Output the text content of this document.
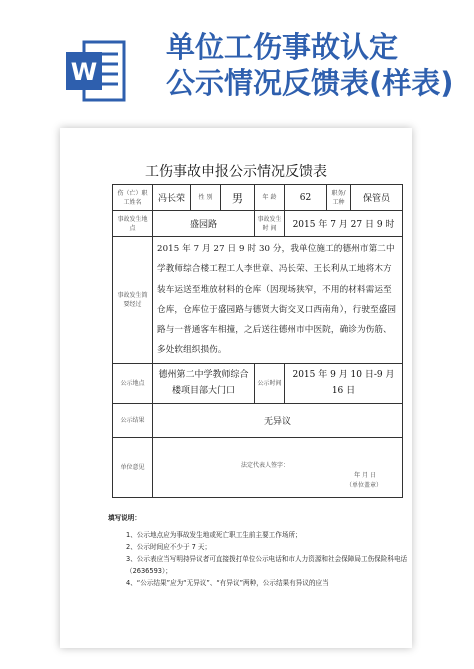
W
单位工伤事故认定
公示情况反馈表(样表)
工伤事故申报公示情况反馈表
伤（亡）职工姓名	冯长荣	性 别	男	年 龄	62	职务/工种	保管员
事故发生地 点	盛园路			事故发生时 间	2015 年 7 月 27 日 9 时		
事故发生简要经过	2015 年 7 月 27 日 9 时 30 分，我单位施工的德州市第二中学教师综合楼工程工人李世章、冯长荣、王长利从工地将木方装车运送至堆放材料的仓库（因现场狭窄，不用的材料需运至仓库，仓库位于盛园路与德贤大街交叉口西南角），行驶至盛园路与一普通客车相撞，之后送往德州市中医院，确诊为伤筋、多处软组织损伤。						
公示地点	德州第二中学教师综合楼项目部大门口			公示时间	2015 年 9 月 10 日-9 月 16 日		
公示结果	无异议						
单位意见	法定代表人签字：
年 月 日
（单位盖章）						
填写说明：
1、公示地点应为事故发生地或死亡职工生前主要工作场所；
2、公示时间应不少于 7 天；
3、公示表应当写明持异议者可直接拨打单位公示电话和市人力资源和社会保障局工伤保险科电话（2636593）；
4、“公示结果”应为“无异议”、“有异议”两种，公示结果有异议的应当
